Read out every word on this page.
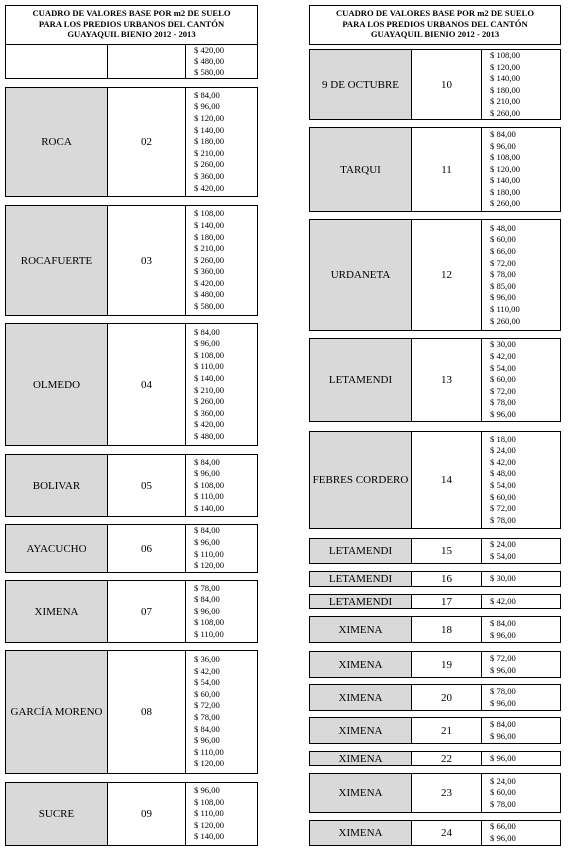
CUADRO DE VALORES BASE POR m2 DE SUELO
PARA LOS PREDIOS URBANOS DEL CANTÓN
GUAYAQUIL BIENIO 2012 - 2013
CUADRO DE VALORES BASE POR m2 DE SUELO
PARA LOS PREDIOS URBANOS DEL CANTÓN
GUAYAQUIL BIENIO 2012 - 2013
$ 420,00
$ 480,00
$ 580,00
ROCA	02
$ 84,00
$ 96,00
$ 120,00
$ 140,00
$ 180,00
$ 210,00
$ 260,00
$ 360,00
$ 420,00
ROCAFUERTE	03
$ 108,00
$ 140,00
$ 180,00
$ 210,00
$ 260,00
$ 360,00
$ 420,00
$ 480,00
$ 580,00
OLMEDO	04
$ 84,00
$ 96,00
$ 108,00
$ 110,00
$ 140,00
$ 210,00
$ 260,00
$ 360,00
$ 420,00
$ 480,00
BOLIVAR	05
$ 84,00
$ 96,00
$ 108,00
$ 110,00
$ 140,00
AYACUCHO	06
$ 84,00
$ 96,00
$ 110,00
$ 120,00
XIMENA	07
$ 78,00
$ 84,00
$ 96,00
$ 108,00
$ 110,00
GARCÍA MORENO	08
$ 36,00
$ 42,00
$ 54,00
$ 60,00
$ 72,00
$ 78,00
$ 84,00
$ 96,00
$ 110,00
$ 120,00
SUCRE	09
$ 96,00
$ 108,00
$ 110,00
$ 120,00
$ 140,00
9 DE OCTUBRE	10
$ 108,00
$ 120,00
$ 140,00
$ 180,00
$ 210,00
$ 260,00
TARQUI	11
$ 84,00
$ 96,00
$ 108,00
$ 120,00
$ 140,00
$ 180,00
$ 260,00
URDANETA	12
$ 48,00
$ 60,00
$ 66,00
$ 72,00
$ 78,00
$ 85,00
$ 96,00
$ 110,00
$ 260,00
LETAMENDI	13
$ 30,00
$ 42,00
$ 54,00
$ 60,00
$ 72,00
$ 78,00
$ 96,00
FEBRES CORDERO	14
$ 18,00
$ 24,00
$ 42,00
$ 48,00
$ 54,00
$ 60,00
$ 72,00
$ 78,00
LETAMENDI	15
$ 24,00
$ 54,00
LETAMENDI	16	$ 30,00
LETAMENDI	17	$ 42,00
XIMENA	18
$ 84,00
$ 96,00
XIMENA	19
$ 72,00
$ 96,00
XIMENA	20
$ 78,00
$ 96,00
XIMENA	21
$ 84,00
$ 96,00
XIMENA	22	$ 96,00
XIMENA	23
$ 24,00
$ 60,00
$ 78,00
XIMENA	24
$ 66,00
$ 96,00
